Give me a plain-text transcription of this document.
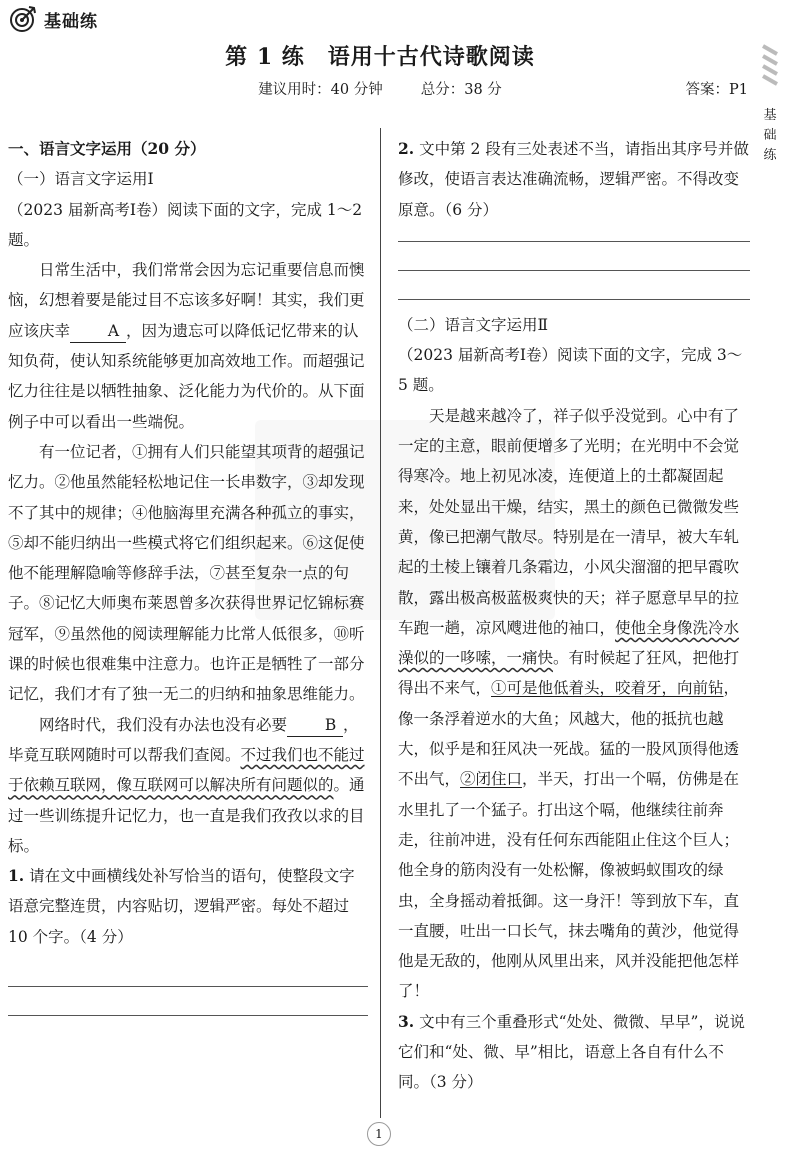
基础练
第 1 练　语用十古代诗歌阅读
建议用时：40 分钟	总分：38 分	答案：P1
基础练

一、语言文字运用（20 分）

（一）语言文字运用Ⅰ

（2023 届新高考Ⅰ卷）阅读下面的文字，完成 1～2 题。

日常生活中，我们常常会因为忘记重要信息而懊恼，幻想着要是能过目不忘该多好啊！其实，我们更应该庆幸 A ，因为遗忘可以降低记忆带来的认知负荷，使认知系统能够更加高效地工作。而超强记忆力往往是以牺牲抽象、泛化能力为代价的。从下面例子中可以看出一些端倪。

有一位记者，①拥有人们只能望其项背的超强记忆力。②他虽然能轻松地记住一长串数字，③却发现不了其中的规律；④他脑海里充满各种孤立的事实，⑤却不能归纳出一些模式将它们组织起来。⑥这促使他不能理解隐喻等修辞手法，⑦甚至复杂一点的句子。⑧记忆大师奥布莱恩曾多次获得世界记忆锦标赛冠军，⑨虽然他的阅读理解能力比常人低很多，⑩听课的时候也很难集中注意力。也许正是牺牲了一部分记忆，我们才有了独一无二的归纳和抽象思维能力。

网络时代，我们没有办法也没有必要 B ，毕竟互联网随时可以帮我们查阅。不过我们也不能过于依赖互联网，像互联网可以解决所有问题似的。通过一些训练提升记忆力，也一直是我们孜孜以求的目标。

1. 请在文中画横线处补写恰当的语句，使整段文字语意完整连贯，内容贴切，逻辑严密。每处不超过 10 个字。（4 分）

2. 文中第 2 段有三处表述不当，请指出其序号并做修改，使语言表达准确流畅，逻辑严密。不得改变原意。（6 分）

（二）语言文字运用Ⅱ

（2023 届新高考Ⅰ卷）阅读下面的文字，完成 3～5 题。

天是越来越冷了，祥子似乎没觉到。心中有了一定的主意，眼前便增多了光明；在光明中不会觉得寒冷。地上初见冰凌，连便道上的土都凝固起来，处处显出干燥，结实，黑土的颜色已微微发些黄，像已把潮气散尽。特别是在一清早，被大车轧起的土棱上镶着几条霜边，小风尖溜溜的把早霞吹散，露出极高极蓝极爽快的天；祥子愿意早早的拉车跑一趟，凉风飕进他的袖口，使他全身像洗冷水澡似的一哆嗦，一痛快。有时候起了狂风，把他打得出不来气，①可是他低着头，咬着牙，向前钻，像一条浮着逆水的大鱼；风越大，他的抵抗也越大，似乎是和狂风决一死战。猛的一股风顶得他透不出气，②闭住口，半天，打出一个嗝，仿佛是在水里扎了一个猛子。打出这个嗝，他继续往前奔走，往前冲进，没有任何东西能阻止住这个巨人；他全身的筋肉没有一处松懈，像被蚂蚁围攻的绿虫，全身摇动着抵御。这一身汗！等到放下车，直一直腰，吐出一口长气，抹去嘴角的黄沙，他觉得他是无敌的，他刚从风里出来，风并没能把他怎样了！

3. 文中有三个重叠形式“处处、微微、早早”，说说它们和“处、微、早”相比，语意上各自有什么不同。（3 分）

1
